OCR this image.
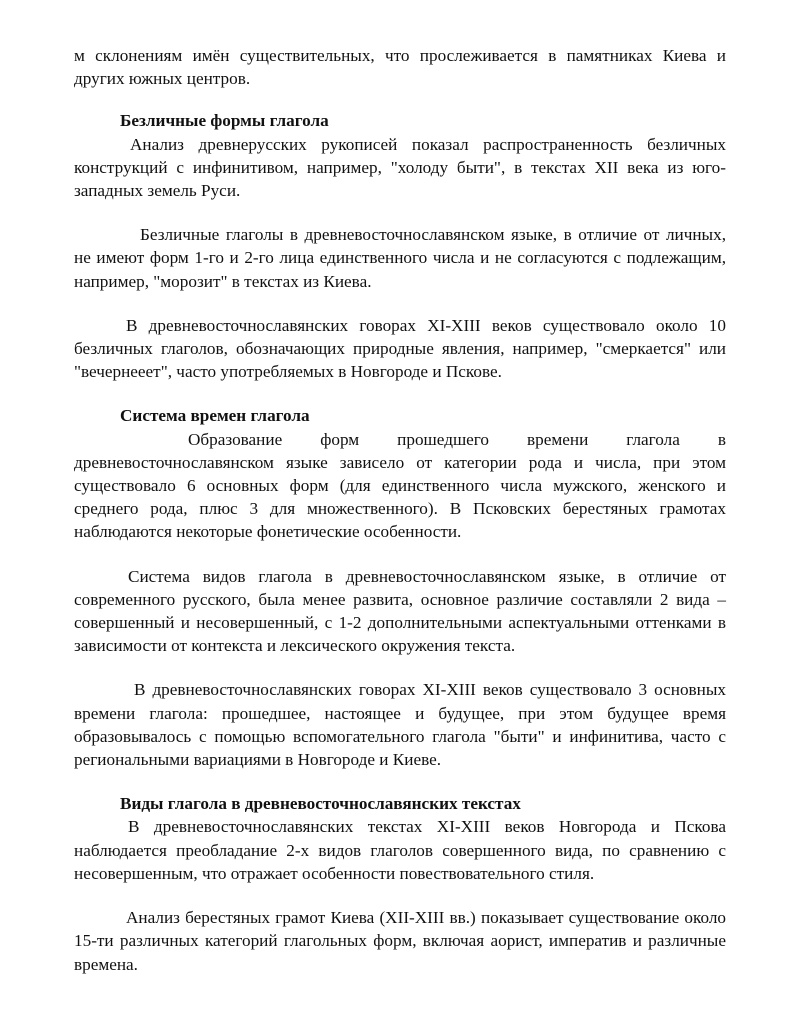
м склонениям имён существительных, что прослеживается в памятниках Киева и других южных центров.

Безличные формы глагола

Анализ древнерусских рукописей показал распространенность безличных конструкций с инфинитивом, например, "холоду быти", в текстах XII века из юго-западных земель Руси.

Безличные глаголы в древневосточнославянском языке, в отличие от личных, не имеют форм 1-го и 2-го лица единственного числа и не согласуются с подлежащим, например, "морозит" в текстах из Киева.

В древневосточнославянских говорах XI-XIII веков существовало около 10 безличных глаголов, обозначающих природные явления, например, "смеркается" или "вечернеeeт", часто употребляемых в Новгороде и Пскове.

Система времен глагола

Образование форм прошедшего времени глагола в древневосточнославянском языке зависело от категории рода и числа, при этом существовало 6 основных форм (для единственного числа мужского, женского и среднего рода, плюс 3 для множественного). В Псковских берестяных грамотах наблюдаются некоторые фонетические особенности.

Система видов глагола в древневосточнославянском языке, в отличие от современного русского, была менее развита, основное различие составляли 2 вида – совершенный и несовершенный, с 1-2 дополнительными аспектуальными оттенками в зависимости от контекста и лексического окружения текста.

В древневосточнославянских говорах XI-XIII веков существовало 3 основных времени глагола: прошедшее, настоящее и будущее, при этом будущее время образовывалось с помощью вспомогательного глагола "быти" и инфинитива, часто с региональными вариациями в Новгороде и Киеве.

Виды глагола в древневосточнославянских текстах

В древневосточнославянских текстах XI-XIII веков Новгорода и Пскова наблюдается преобладание 2-х видов глаголов совершенного вида, по сравнению с несовершенным, что отражает особенности повествовательного стиля.

Анализ берестяных грамот Киева (XII-XIII вв.) показывает существование около 15-ти различных категорий глагольных форм, включая аорист, императив и различные времена.
